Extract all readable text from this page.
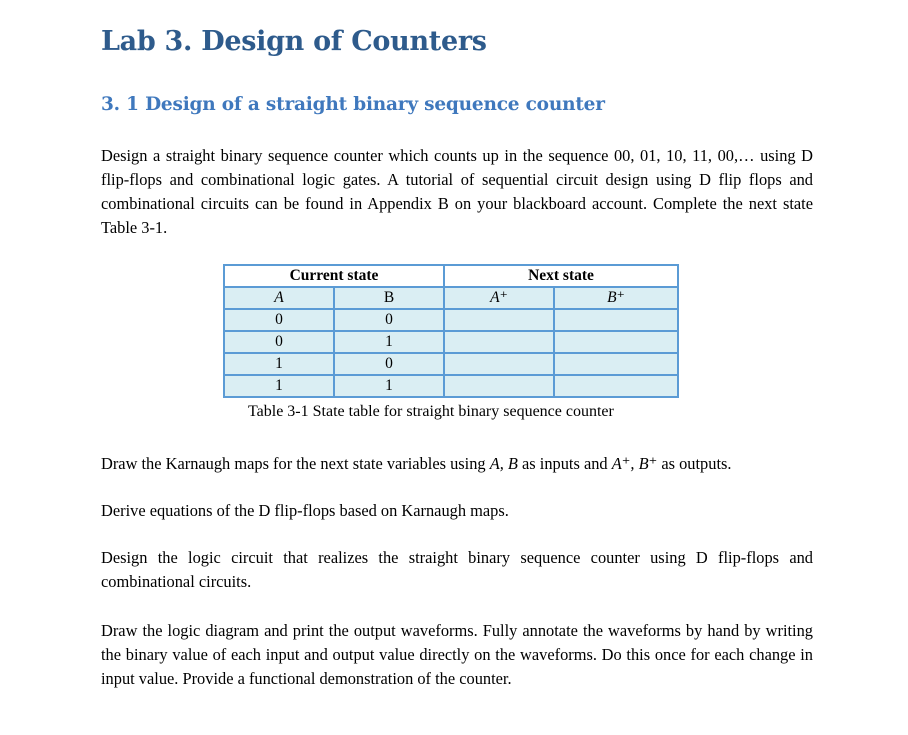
Lab 3. Design of Counters
3. 1 Design of a straight binary sequence counter

Design a straight binary sequence counter which counts up in the sequence 00, 01, 10, 11, 00,… using D flip-flops and combinational logic gates. A tutorial of sequential circuit design using D flip flops and combinational circuits can be found in Appendix B on your blackboard account. Complete the next state Table 3-1.

Current state		Next state	
A	B	A⁺	B⁺
0	0		
0	1		
1	0		
1	1		

Table 3-1 State table for straight binary sequence counter

Draw the Karnaugh maps for the next state variables using A, B as inputs and A⁺, B⁺ as outputs.

Derive equations of the D flip-flops based on Karnaugh maps.

Design the logic circuit that realizes the straight binary sequence counter using D flip-flops and combinational circuits.

Draw the logic diagram and print the output waveforms. Fully annotate the waveforms by hand by writing the binary value of each input and output value directly on the waveforms. Do this once for each change in input value. Provide a functional demonstration of the counter.
